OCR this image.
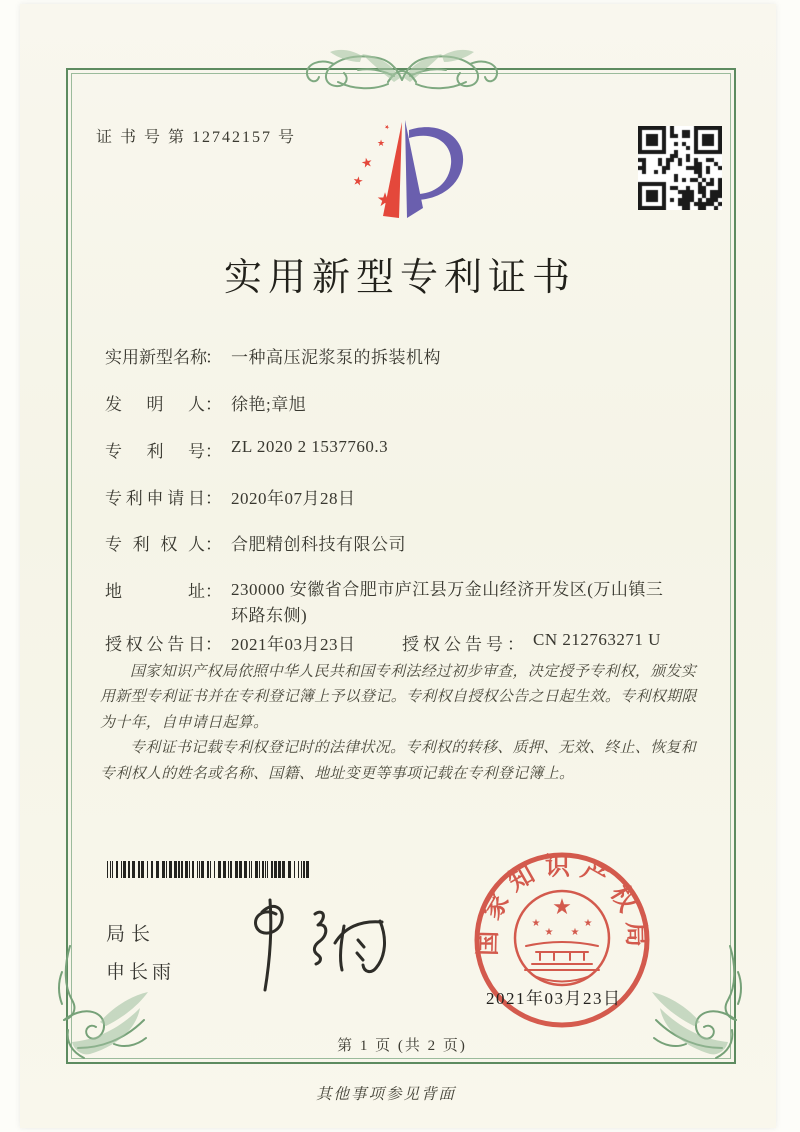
证 书 号 第 12742157 号
★
★
★
★
★
实用新型专利证书
实用新型名称： 一种高压泥浆泵的拆装机构
发明人： 徐艳;章旭
专利号： ZL 2020 2 1537760.3
专利申请日： 2020年07月28日
专利权人： 合肥精创科技有限公司
地址： 230000 安徽省合肥市庐江县万金山经济开发区(万山镇三环路东侧)
授权公告日： 2021年03月23日	授权公告号： CN 212763271 U

国家知识产权局依照中华人民共和国专利法经过初步审查，决定授予专利权，颁发实用新型专利证书并在专利登记簿上予以登记。专利权自授权公告之日起生效。专利权期限为十年，自申请日起算。

专利证书记载专利权登记时的法律状况。专利权的转移、质押、无效、终止、恢复和专利权人的姓名或名称、国籍、地址变更等事项记载在专利登记簿上。

局长
申长雨
国家知识产权局
★
★
★ ★
★
2021年03月23日
第 1 页 (共 2 页)
其他事项参见背面
